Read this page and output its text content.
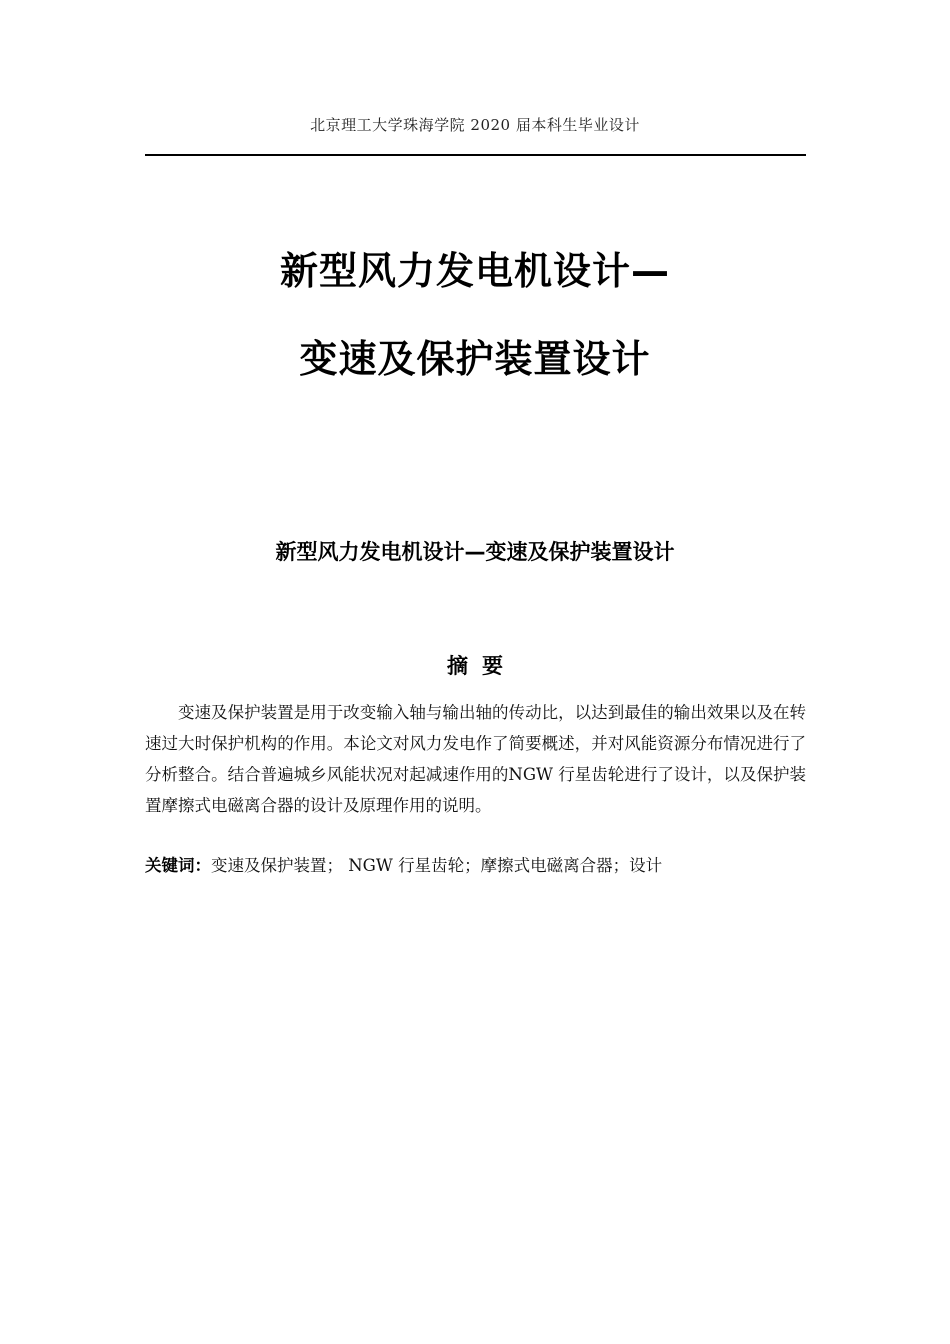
北京理工大学珠海学院 2020 届本科生毕业设计
新型风力发电机设计—
变速及保护装置设计
新型风力发电机设计—变速及保护装置设计
摘要

变速及保护装置是用于改变输入轴与输出轴的传动比，以达到最佳的输出效果以及在转速过大时保护机构的作用。本论文对风力发电作了简要概述，并对风能资源分布情况进行了分析整合。结合普遍城乡风能状况对起减速作用的NGW 行星齿轮进行了设计，以及保护装置摩擦式电磁离合器的设计及原理作用的说明。

关键词：变速及保护装置； NGW 行星齿轮；摩擦式电磁离合器；设计
